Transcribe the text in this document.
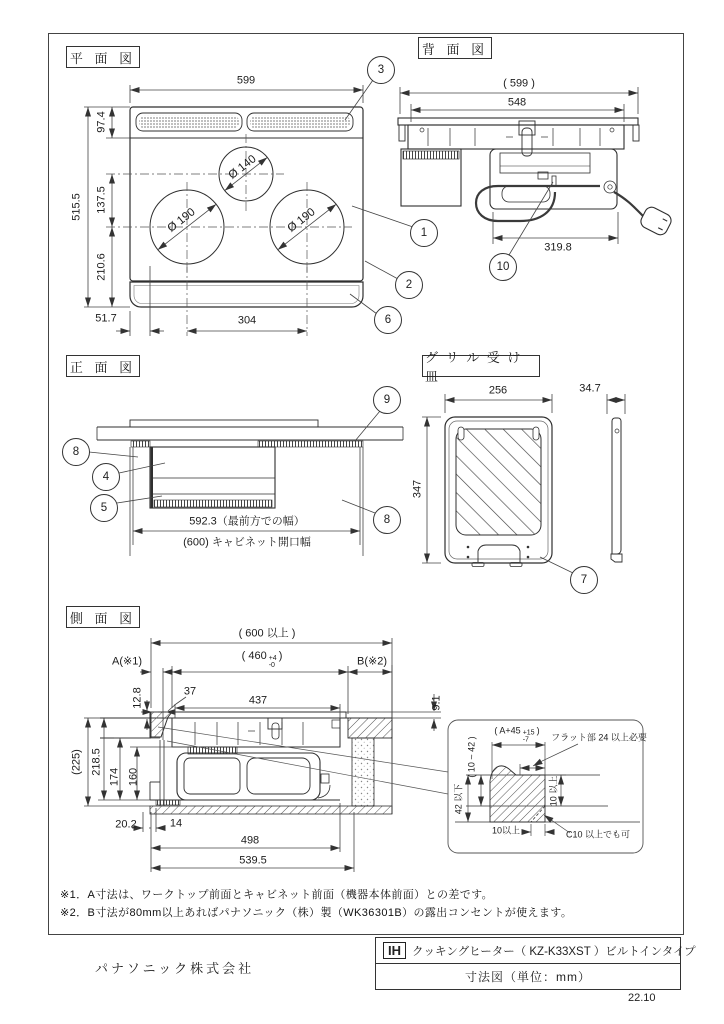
平 面 図
背 面 図
正 面 図
グ リ ル 受 け 皿
側 面 図
599
515.5
97.4
137.5
210.6
Ø 140
Ø 190	Ø 190
51.7	304
( 599 )
548
319.8
592.3（最前方での幅）
(600) キャビネット開口幅
256	34.7
347
( 600 以上 )
( 460 +4
-0
)
A(※1)	B(※2)
12.8	37
437	9.1
(225) 218.5
174 160
20.2	14
498
539.5
( A+45 +15
-7
)
フラット部 24 以上必要
( 10 ~ 42 )
42 以下	10 以上
10以上	C10 以上でも可
3
1
2
6
10
9
8
4
5
8
7
※1．A寸法は、ワークトップ前面とキャビネット前面（機器本体前面）との差です。
※2．B寸法が80mm以上あればパナソニック（株）製（WK36301B）の露出コンセントが使えます。
パナソニック株式会社
IH クッキングヒーター（ KZ-K33XST ）ビルトインタイプ
寸法図（単位：mm）
22.10
